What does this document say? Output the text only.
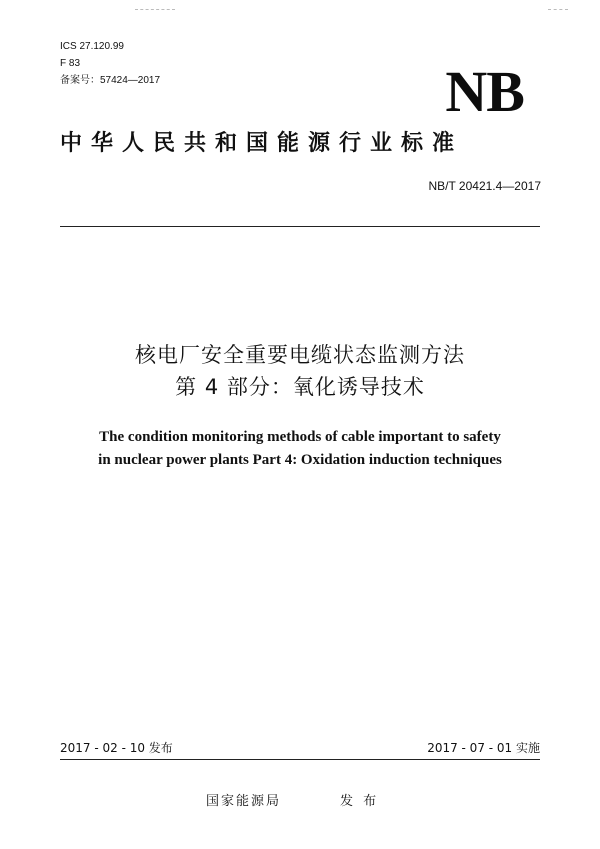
ICS 27.120.99
F 83
备案号：57424—2017	NB
中华人民共和国能源行业标准
NB/T 20421.4—2017
核电厂安全重要电缆状态监测方法
第 4 部分：氧化诱导技术
The condition monitoring methods of cable important to safety
in nuclear power plants Part 4: Oxidation induction techniques
2017 - 02 - 10 发布	2017 - 07 - 01 实施
国家能源局	发 布
